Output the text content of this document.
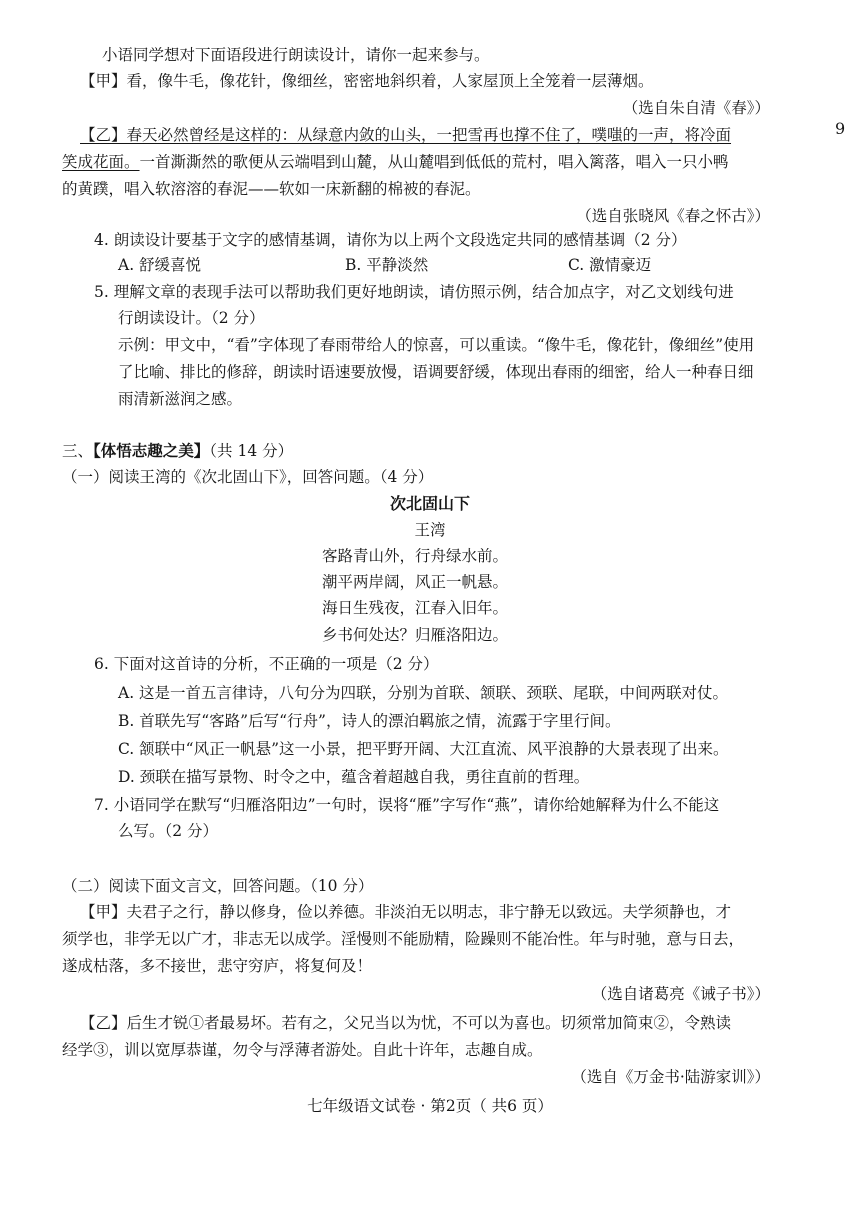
9
小语同学想对下面语段进行朗读设计，请你一起来参与。
【甲】看，像牛毛，像花针，像细丝，密密地斜织着，人家屋顶上全笼着一层薄烟。
（选自朱自清《春》）
【乙】春天必然曾经是这样的：从绿意内敛的山头，一把雪再也撑不住了，噗嗤的一声，将冷面
笑成花面。一首澌澌然的歌便从云端唱到山麓，从山麓唱到低低的荒村，唱入篱落，唱入一只小鸭
的黄蹼，唱入软溶溶的春泥——软如一床新翻的棉被的春泥。
（选自张晓风《春之怀古》）
4. 朗读设计要基于文字的感情基调，请你为以上两个文段选定共同的感情基调（2 分）
A. 舒缓喜悦	B. 平静淡然	C. 激情豪迈
5. 理解文章的表现手法可以帮助我们更好地朗读，请仿照示例，结合加点字，对乙文划线句进
行朗读设计。（2 分）
示例：甲文中，“看”字体现了春雨带给人的惊喜，可以重读。“像牛毛，像花针，像细丝”使用
了比喻、排比的修辞，朗读时语速要放慢，语调要舒缓，体现出春雨的细密，给人一种春日细
雨清新滋润之感。
三、【体悟志趣之美】（共 14 分）
（一）阅读王湾的《次北固山下》，回答问题。（4 分）
次北固山下
王湾
客路青山外，行舟绿水前。
潮平两岸阔，风正一帆悬。
海日生残夜，江春入旧年。
乡书何处达？归雁洛阳边。
6. 下面对这首诗的分析，不正确的一项是（2 分）
A. 这是一首五言律诗，八句分为四联，分别为首联、颔联、颈联、尾联，中间两联对仗。
B. 首联先写“客路”后写“行舟”，诗人的漂泊羁旅之情，流露于字里行间。
C. 颔联中“风正一帆悬”这一小景，把平野开阔、大江直流、风平浪静的大景表现了出来。
D. 颈联在描写景物、时令之中，蕴含着超越自我，勇往直前的哲理。
7. 小语同学在默写“归雁洛阳边”一句时，误将“雁”字写作“燕”，请你给她解释为什么不能这
么写。（2 分）
（二）阅读下面文言文，回答问题。（10 分）
【甲】夫君子之行，静以修身，俭以养德。非淡泊无以明志，非宁静无以致远。夫学须静也，才
须学也，非学无以广才，非志无以成学。淫慢则不能励精，险躁则不能冶性。年与时驰，意与日去，
遂成枯落，多不接世，悲守穷庐，将复何及！
（选自诸葛亮《诫子书》）
【乙】后生才锐①者最易坏。若有之，父兄当以为忧，不可以为喜也。切须常加简束②，令熟读
经学③，训以宽厚恭谨，勿令与浮薄者游处。自此十许年，志趣自成。
（选自《万金书·陆游家训》）
七年级语文试卷 · 第2页（ 共6 页）
